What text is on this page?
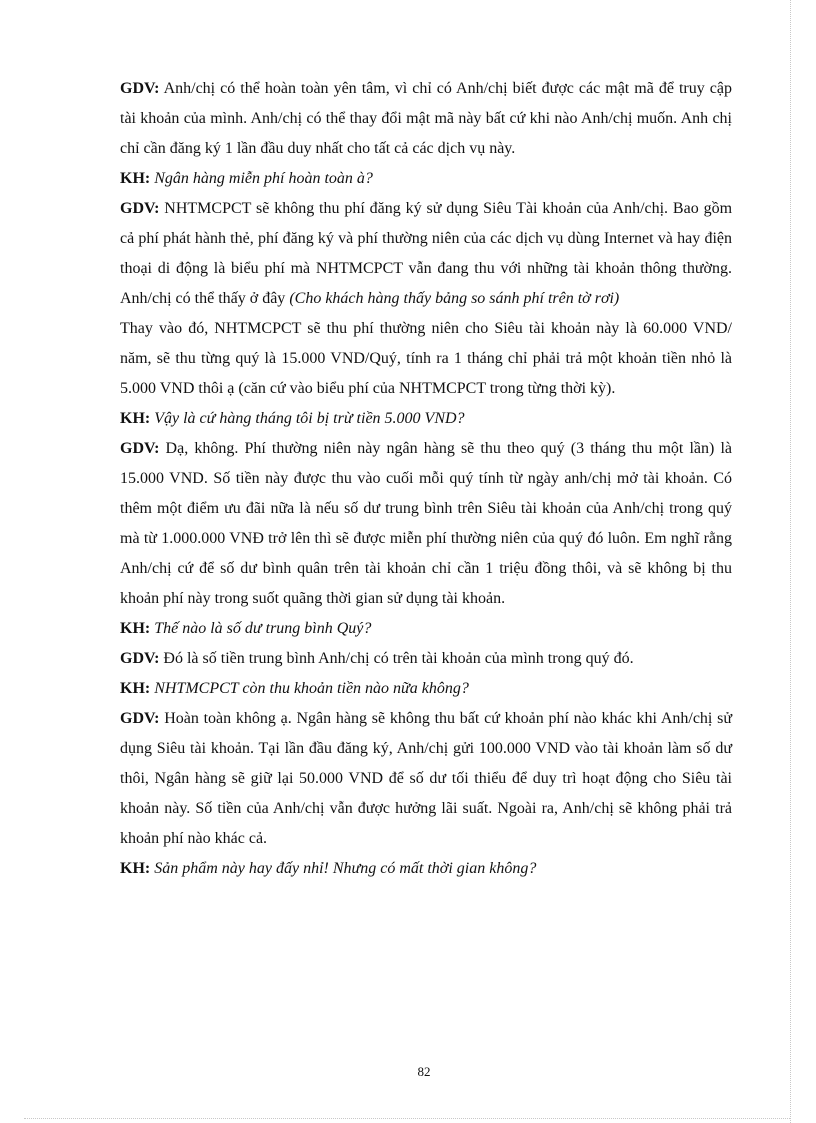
GDV: Anh/chị có thể hoàn toàn yên tâm, vì chỉ có Anh/chị biết được các mật mã để truy cập tài khoản của mình. Anh/chị có thể thay đổi mật mã này bất cứ khi nào Anh/chị muốn. Anh chị chỉ cần đăng ký 1 lần đầu duy nhất cho tất cả các dịch vụ này.

KH: Ngân hàng miễn phí hoàn toàn à?

GDV: NHTMCPCT sẽ không thu phí đăng ký sử dụng Siêu Tài khoản của Anh/chị. Bao gồm cả phí phát hành thẻ, phí đăng ký và phí thường niên của các dịch vụ dùng Internet và hay điện thoại di động là biểu phí mà NHTMCPCT vẫn đang thu với những tài khoản thông thường. Anh/chị có thể thấy ở đây (Cho khách hàng thấy bảng so sánh phí trên tờ rơi)

Thay vào đó, NHTMCPCT sẽ thu phí thường niên cho Siêu tài khoản này là 60.000 VND/ năm, sẽ thu từng quý là 15.000 VND/Quý, tính ra 1 tháng chỉ phải trả một khoản tiền nhỏ là 5.000 VND thôi ạ (căn cứ vào biểu phí của NHTMCPCT trong từng thời kỳ).

KH: Vậy là cứ hàng tháng tôi bị trừ tiền 5.000 VND?

GDV: Dạ, không. Phí thường niên này ngân hàng sẽ thu theo quý (3 tháng thu một lần) là 15.000 VND. Số tiền này được thu vào cuối mỗi quý tính từ ngày anh/chị mở tài khoản. Có thêm một điểm ưu đãi nữa là nếu số dư trung bình trên Siêu tài khoản của Anh/chị trong quý mà từ 1.000.000 VNĐ trở lên thì sẽ được miễn phí thường niên của quý đó luôn. Em nghĩ rằng Anh/chị cứ để số dư bình quân trên tài khoản chỉ cần 1 triệu đồng thôi, và sẽ không bị thu khoản phí này trong suốt quãng thời gian sử dụng tài khoản.

KH: Thế nào là số dư trung bình Quý?

GDV: Đó là số tiền trung bình Anh/chị có trên tài khoản của mình trong quý đó.

KH: NHTMCPCT còn thu khoản tiền nào nữa không?

GDV: Hoàn toàn không ạ. Ngân hàng sẽ không thu bất cứ khoản phí nào khác khi Anh/chị sử dụng Siêu tài khoản. Tại lần đầu đăng ký, Anh/chị gửi 100.000 VND vào tài khoản làm số dư thôi, Ngân hàng sẽ giữ lại 50.000 VND để số dư tối thiểu để duy trì hoạt động cho Siêu tài khoản này. Số tiền của Anh/chị vẫn được hưởng lãi suất. Ngoài ra, Anh/chị sẽ không phải trả khoản phí nào khác cả.

KH: Sản phẩm này hay đấy nhỉ! Nhưng có mất thời gian không?

82
